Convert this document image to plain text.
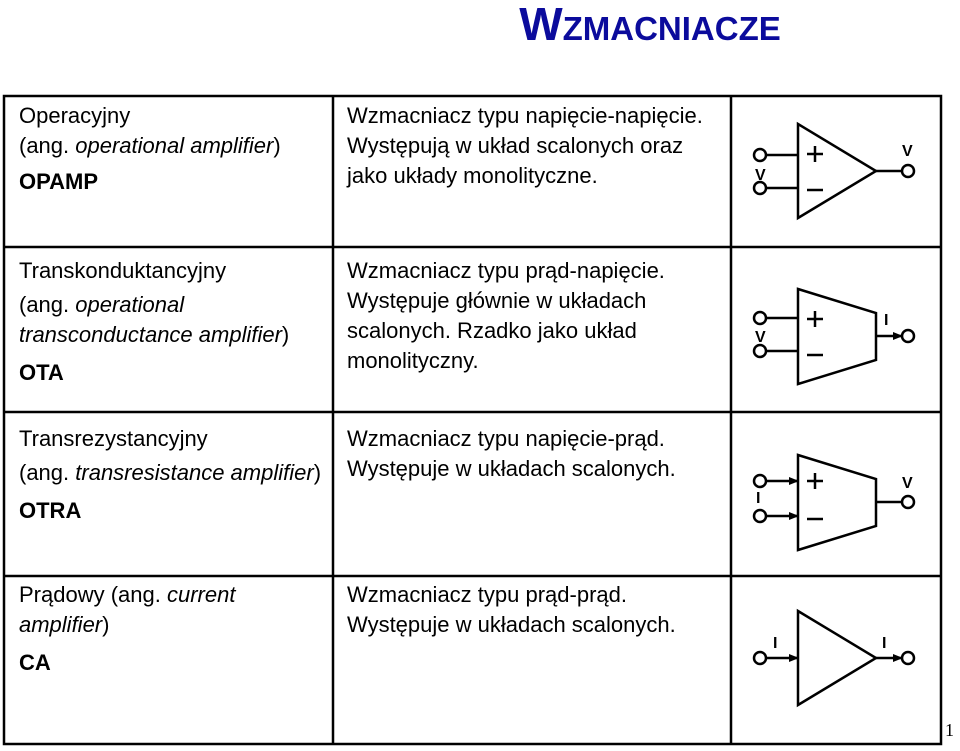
WZMACNIACZE
Operacyjny
(ang. operational amplifier)
OPAMP
Wzmacniacz typu napięcie-napięcie. Występują w układ scalonych oraz jako układy monolityczne.
Transkonduktancyjny
(ang. operational transconductance amplifier)
OTA
Wzmacniacz typu prąd-napięcie. Występuje głównie w układach scalonych. Rzadko jako układ monolityczny.
Transrezystancyjny
(ang. transresistance amplifier)
OTRA
Wzmacniacz typu napięcie-prąd. Występuje w układach scalonych.
Prądowy (ang. current amplifier)
CA
Wzmacniacz typu prąd-prąd. Występuje w układach scalonych.
V
V
V
I
I
V
I	I
1
